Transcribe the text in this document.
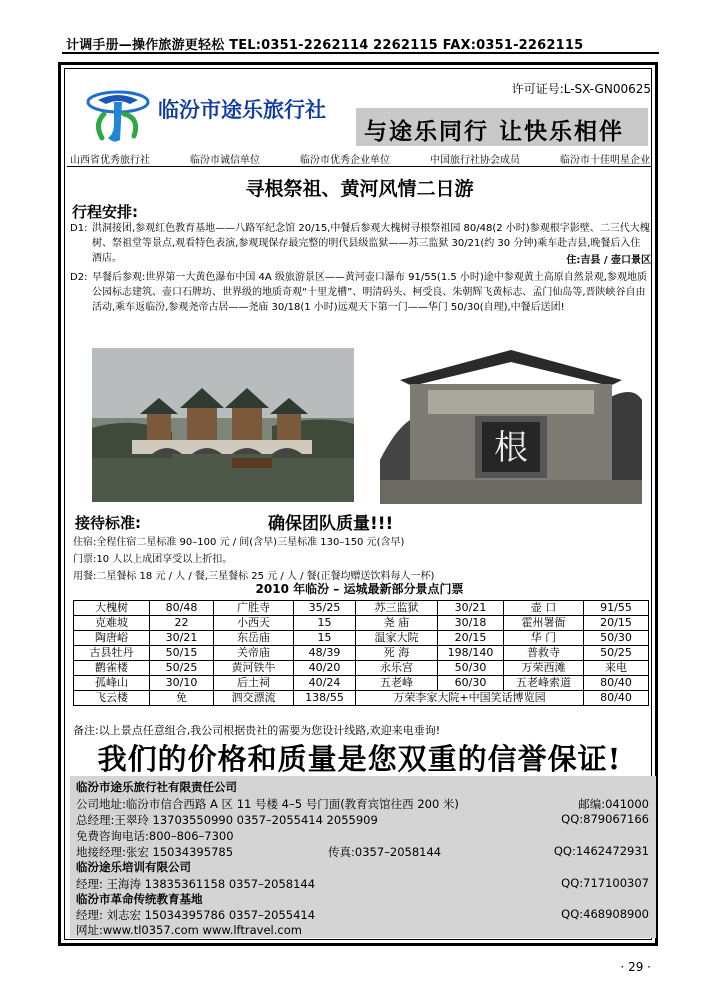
计调手册—操作旅游更轻松 TEL:0351-2262114 2262115 FAX:0351-2262115
许可证号:L-SX-GN00625
临汾市途乐旅行社
与途乐同行 让快乐相伴
山西省优秀旅行社	临汾市诚信单位	临汾市优秀企业单位	中国旅行社协会成员	临汾市十佳明星企业
寻根祭祖、黄河风情二日游
行程安排:
D1: 洪洞接团,参观红色教育基地——八路军纪念馆 20/15,中餐后参观大槐树寻根祭祖园 80/48(2 小时)参观根字影壁、二三代大槐树、祭祖堂等景点,观看特色表演,参观现保存最完整的明代县级监狱——苏三监狱 30/21(约 30 分钟)乘车赴吉县,晚餐后入住酒店。	住:吉县 / 壶口景区
D2: 早餐后参观:世界第一大黄色瀑布中国 4A 级旅游景区——黄河壶口瀑布 91/55(1.5 小时)途中参观黄土高原自然景观,参观地质公园标志建筑、壶口石牌坊、世界级的地质奇观“十里龙槽”、明清码头、柯受良、朱朝辉飞黄标志、孟门仙岛等,晋陕峡谷自由活动,乘车返临汾,参观尧帝古居——尧庙 30/18(1 小时)远观天下第一门——华门 50/30(自理),中餐后送团!
根
接待标准:	确保团队质量!!!
住宿:全程住宿二星标准 90–100 元 / 间(含早)三星标准 130–150 元(含早)
门票:10 人以上成团享受以上折扣。
用餐:二星餐标 18 元 / 人 / 餐,三星餐标 25 元 / 人 / 餐(正餐均赠送饮料每人一杯)
2010 年临汾 – 运城最新部分景点门票
大槐树	80/48	广胜寺	35/25	苏三监狱	30/21	壶 口	91/55
克难坡	22	小西天	15	尧 庙	30/18	霍州署衙	20/15
陶唐峪	30/21	东岳庙	15	温家大院	20/15	华 门	50/30
古县牡丹	50/15	关帝庙	48/39	死 海	198/140	普救寺	50/25
鹳雀楼	50/25	黄河铁牛	40/20	永乐宫	50/30	万荣西滩	来电
孤峰山	30/10	后土祠	40/24	五老峰	60/30	五老峰索道	80/40
飞云楼	免	泗交漂流	138/55	万荣李家大院+中国笑话博览园			80/40
备注:以上景点任意组合,我公司根据贵社的需要为您设计线路,欢迎来电垂询!
我们的价格和质量是您双重的信誉保证!
临汾市途乐旅行社有限责任公司
公司地址:临汾市信合西路 A 区 11 号楼 4–5 号门面(教育宾馆往西 200 米)	邮编:041000
总经理:王翠玲 13703550990 0357–2055414 2055909	QQ:879067166
免费咨询电话:800–806–7300
地接经理:张宏 15034395785	传真:0357–2058144	QQ:1462472931
临汾途乐培训有限公司
经理: 王海涛 13835361158 0357–2058144	QQ:717100307
临汾市革命传统教育基地
经理: 刘志宏 15034395786 0357–2055414	QQ:468908900
网址:www.tl0357.com www.lftravel.com
· 29 ·
